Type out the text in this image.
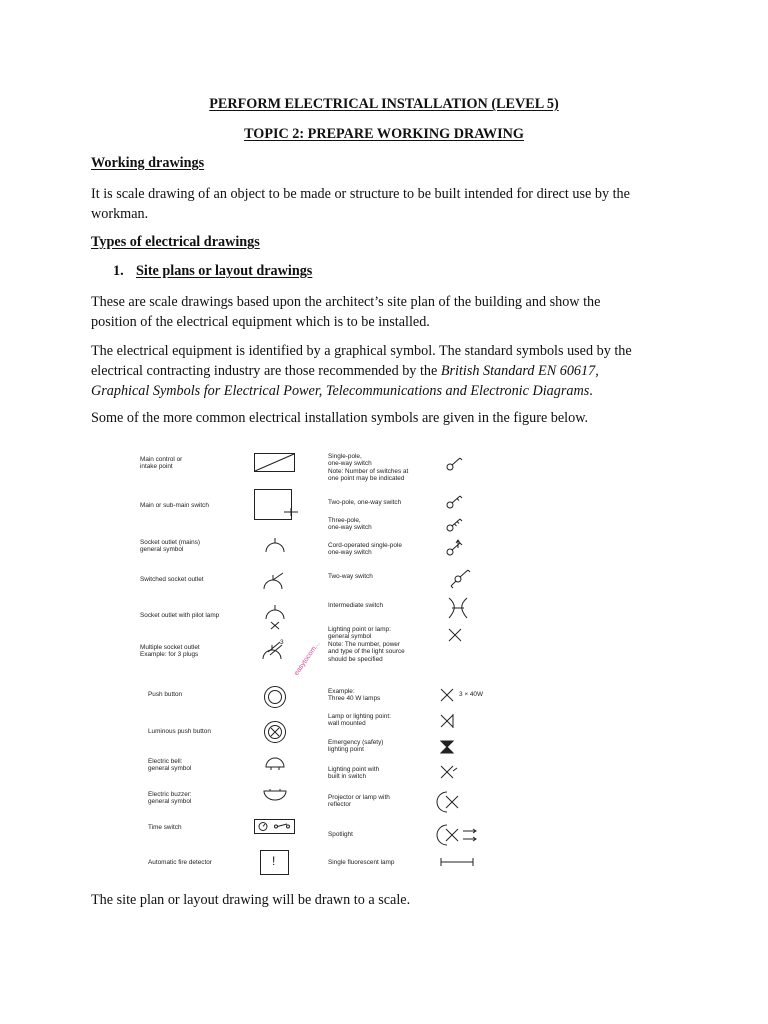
PERFORM ELECTRICAL INSTALLATION (LEVEL 5)
TOPIC 2: PREPARE WORKING DRAWING
Working drawings
It is scale drawing of an object to be made or structure to be built intended for direct use by the
workman.
Types of electrical drawings
1. Site plans or layout drawings
These are scale drawings based upon the architect’s site plan of the building and show the
position of the electrical equipment which is to be installed.
The electrical equipment is identified by a graphical symbol. The standard symbols used by the
electrical contracting industry are those recommended by the British Standard EN 60617,
Graphical Symbols for Electrical Power, Telecommunications and Electronic Diagrams.
Some of the more common electrical installation symbols are given in the figure below.
easytocom...
Main control or
intake point
Main or sub-main switch
Socket outlet (mains)
general symbol
Switched socket outlet
Socket outlet with pilot lamp
Multiple socket outlet
Example: for 3 plugs
Push button
Luminous push button
Electric bell:
general symbol
Electric buzzer:
general symbol
Time switch
Automatic fire detector
3
!
Single-pole,
one-way switch
Note: Number of switches at
one point may be indicated
Two-pole, one-way switch
Three-pole,
one-way switch
Cord-operated single-pole
one-way switch
Two-way switch
Intermediate switch
Lighting point or lamp:
general symbol
Note: The number, power
and type of the light source
should be specified
Example:
Three 40 W lamps
Lamp or lighting point:
wall mounted
Emergency (safety)
lighting point
Lighting point with
built in switch
Projector or lamp with
reflector
Spotlight
Single fluorescent lamp
3 × 40W
The site plan or layout drawing will be drawn to a scale.
